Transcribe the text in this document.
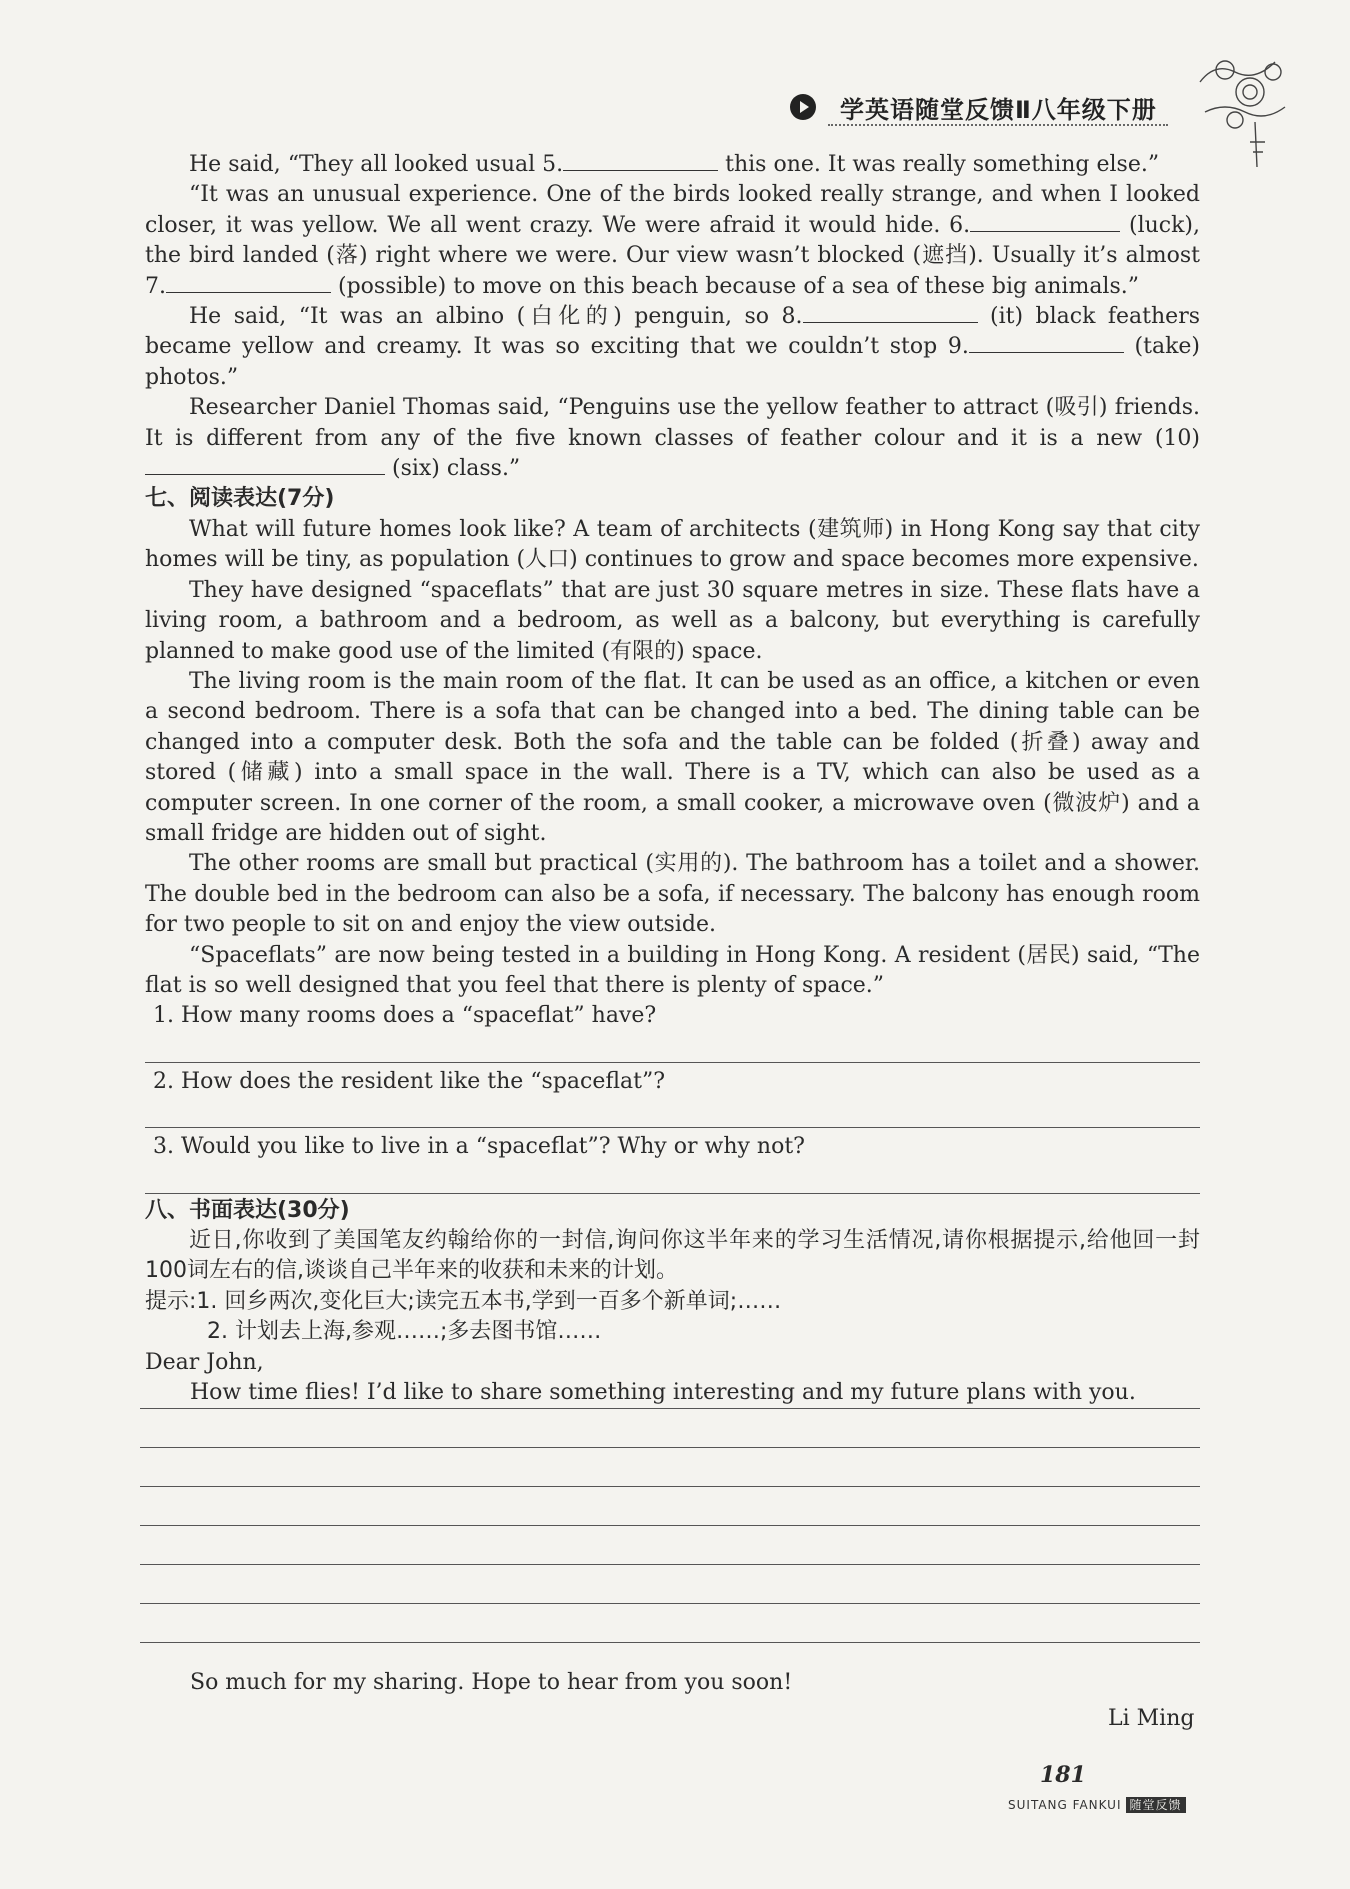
学英语随堂反馈Ⅱ八年级下册

He said, “They all looked usual 5.	this one. It was really something else.”

“It was an unusual experience. One of the birds looked really strange, and when I looked closer, it was yellow. We all went crazy. We were afraid it would hide. 6.	(luck), the bird landed (落) right where we were. Our view wasn’t blocked (遮挡). Usually it’s almost 7.	(possible) to move on this beach because of a sea of these big animals.”

He said, “It was an albino (白化的) penguin, so 8.	(it) black feathers became yellow and creamy. It was so exciting that we couldn’t stop 9.	(take) photos.”

Researcher Daniel Thomas said, “Penguins use the yellow feather to attract (吸引) friends. It is different from any of the five known classes of feather colour and it is a new (10) (six) class.”

七、阅读表达(7分)

What will future homes look like? A team of architects (建筑师) in Hong Kong say that city homes will be tiny, as population (人口) continues to grow and space becomes more expensive.

They have designed “spaceflats” that are just 30 square metres in size. These flats have a living room, a bathroom and a bedroom, as well as a balcony, but everything is carefully planned to make good use of the limited (有限的) space.

The living room is the main room of the flat. It can be used as an office, a kitchen or even a second bedroom. There is a sofa that can be changed into a bed. The dining table can be changed into a computer desk. Both the sofa and the table can be folded (折叠) away and stored (储藏) into a small space in the wall. There is a TV, which can also be used as a computer screen. In one corner of the room, a small cooker, a microwave oven (微波炉) and a small fridge are hidden out of sight.

The other rooms are small but practical (实用的). The bathroom has a toilet and a shower. The double bed in the bedroom can also be a sofa, if necessary. The balcony has enough room for two people to sit on and enjoy the view outside.

“Spaceflats” are now being tested in a building in Hong Kong. A resident (居民) said, “The flat is so well designed that you feel that there is plenty of space.”

1. How many rooms does a “spaceflat” have?

2. How does the resident like the “spaceflat”?

3. Would you like to live in a “spaceflat”? Why or why not?

八、书面表达(30分)

近日,你收到了美国笔友约翰给你的一封信,询问你这半年来的学习生活情况,请你根据提示,给他回一封100词左右的信,谈谈自己半年来的收获和未来的计划。

提示:1. 回乡两次,变化巨大;读完五本书,学到一百多个新单词;……

2. 计划去上海,参观……;多去图书馆……

Dear John,

How time flies! I’d like to share something interesting and my future plans with you.

So much for my sharing. Hope to hear from you soon!
Li Ming
181
SUITANG FANKUI 随堂反馈
